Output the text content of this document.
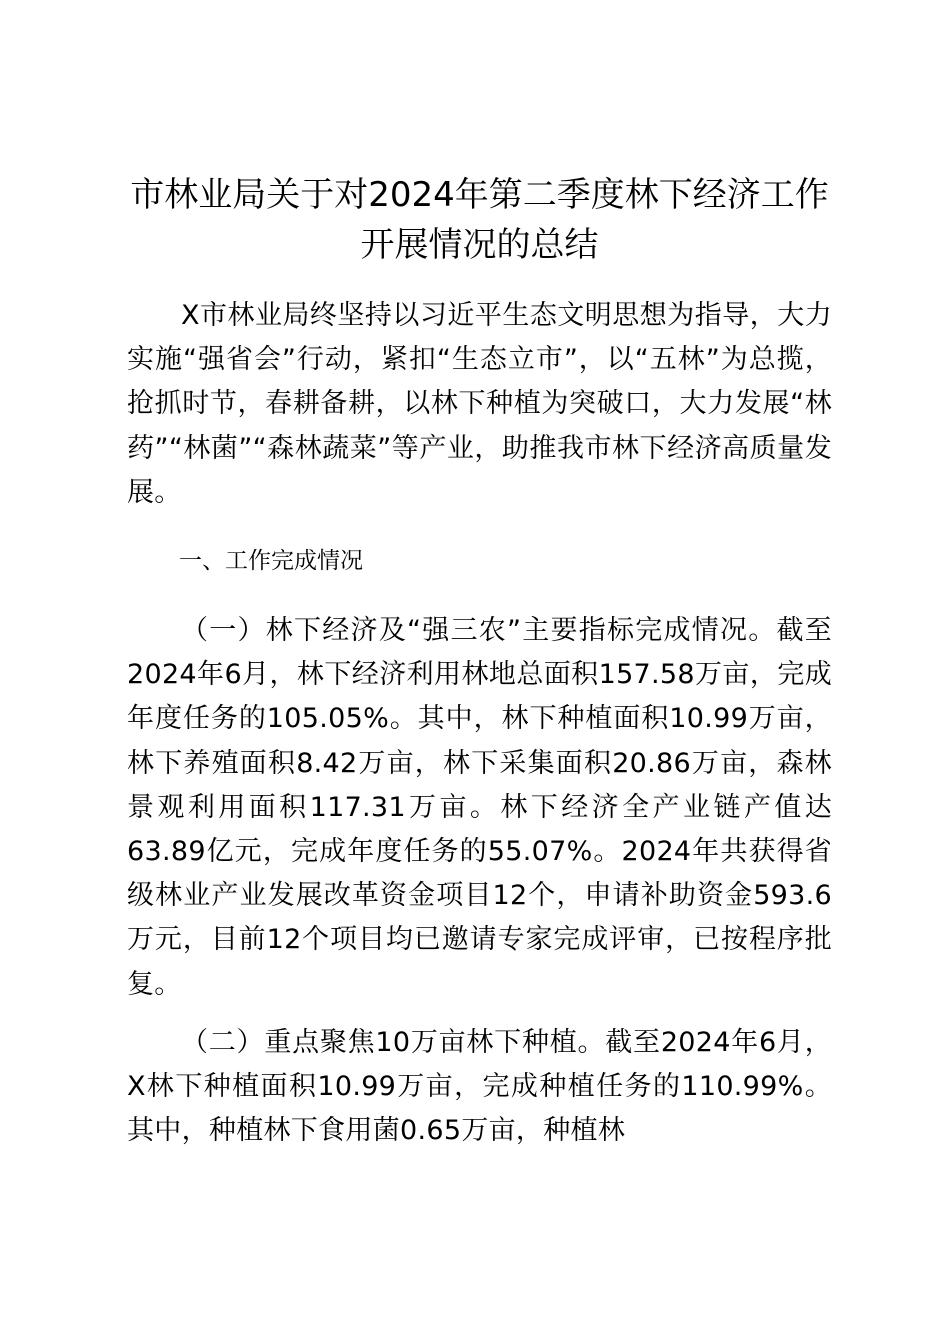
市林业局关于对2024年第二季度林下经济工作开展情况的总结

X市林业局终坚持以习近平生态文明思想为指导，大力实施“强省会”行动，紧扣“生态立市”，以“五林”为总揽，抢抓时节，春耕备耕，以林下种植为突破口，大力发展“林药”“林菌”“森林蔬菜”等产业，助推我市林下经济高质量发展。

一、工作完成情况

（一）林下经济及“强三农”主要指标完成情况。截至2024年6月，林下经济利用林地总面积157.58万亩，完成年度任务的105.05%。其中，林下种植面积10.99万亩，林下养殖面积8.42万亩，林下采集面积20.86万亩，森林景观利用面积117.31万亩。林下经济全产业链产值达63.89亿元，完成年度任务的55.07%。2024年共获得省级林业产业发展改革资金项目12个，申请补助资金593.6万元，目前12个项目均已邀请专家完成评审，已按程序批复。

（二）重点聚焦10万亩林下种植。截至2024年6月，X林下种植面积10.99万亩，完成种植任务的110.99%。其中，种植林下食用菌0.65万亩，种植林
